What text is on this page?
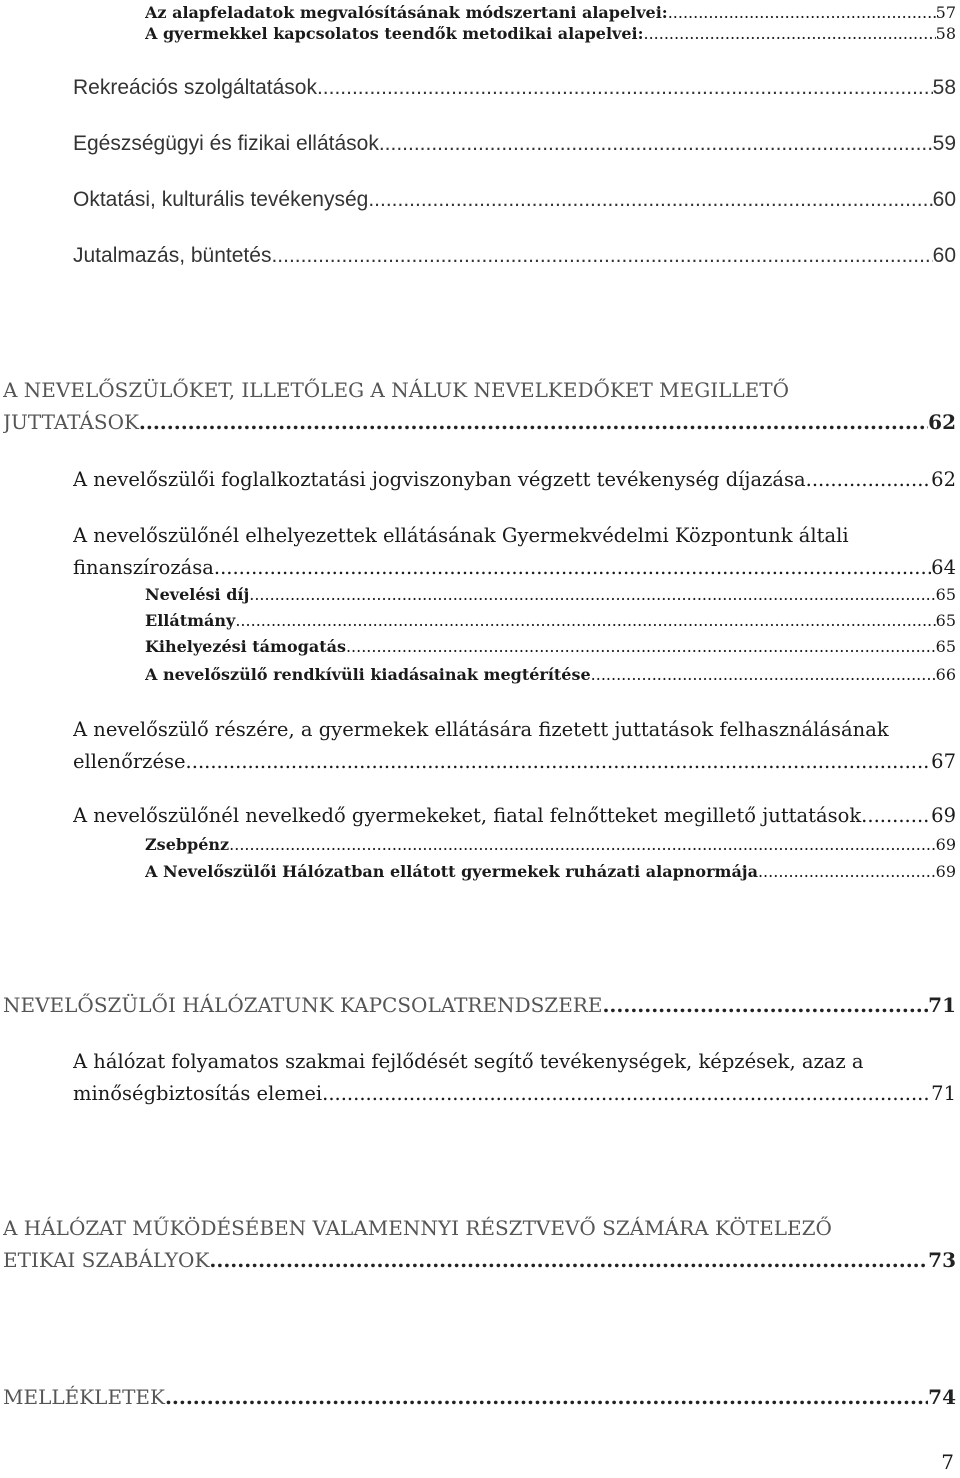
Az alapfeladatok megvalósításának módszertani alapelvei: .....	57
A gyermekkel kapcsolatos teendők metodikai alapelvei: .....	58
Rekreációs szolgáltatások .....	58
Egészségügyi és fizikai ellátások .....	59
Oktatási, kulturális tevékenység .....	60
Jutalmazás, büntetés .....	60
A NEVELŐSZÜLŐKET, ILLETŐLEG A NÁLUK NEVELKEDŐKET MEGILLETŐ
JUTTATÁSOK .....	62
A nevelőszülői foglalkoztatási jogviszonyban végzett tevékenység díjazása .....	62
A nevelőszülőnél elhelyezettek ellátásának Gyermekvédelmi Központunk általi
finanszírozása .....	64
Nevelési díj .....	65
Ellátmány .....	65
Kihelyezési támogatás .....	65
A nevelőszülő rendkívüli kiadásainak megtérítése .....	66
A nevelőszülő részére, a gyermekek ellátására fizetett juttatások felhasználásának
ellenőrzése .....	67
A nevelőszülőnél nevelkedő gyermekeket, fiatal felnőtteket megillető juttatások .....	69
Zsebpénz .....	69
A Nevelőszülői Hálózatban ellátott gyermekek ruházati alapnormája .....	69
NEVELŐSZÜLŐI HÁLÓZATUNK KAPCSOLATRENDSZERE .....	71
A hálózat folyamatos szakmai fejlődését segítő tevékenységek, képzések, azaz a
minőségbiztosítás elemei .....	71
A HÁLÓZAT MŰKÖDÉSÉBEN VALAMENNYI RÉSZTVEVŐ SZÁMÁRA KÖTELEZŐ
ETIKAI SZABÁLYOK .....	73
MELLÉKLETEK .....	74
7
